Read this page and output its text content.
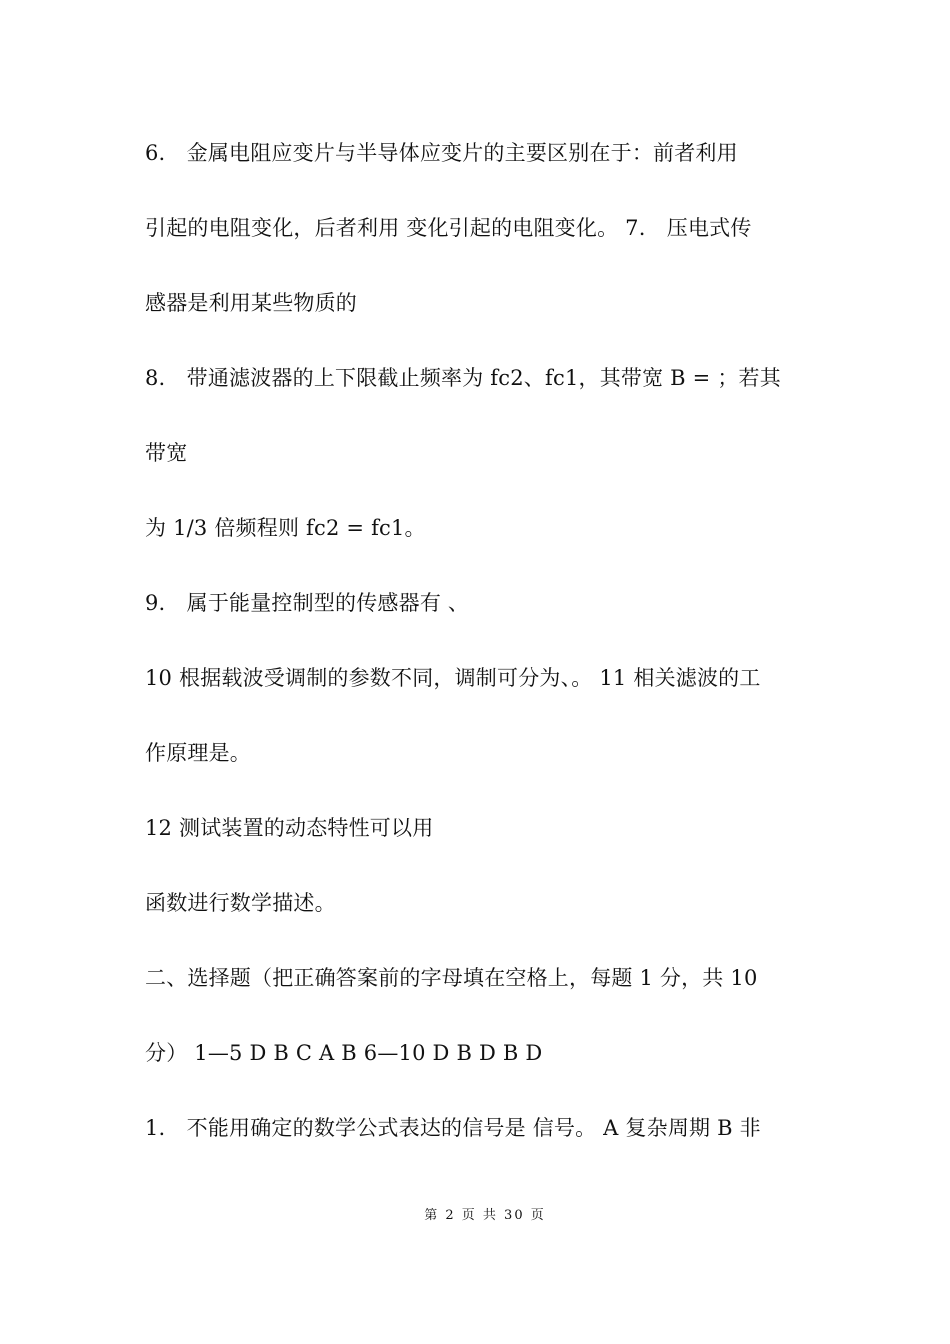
6.　金属电阻应变片与半导体应变片的主要区别在于：前者利用
引起的电阻变化，后者利用 变化引起的电阻变化。 7.　压电式传
感器是利用某些物质的
8.　带通滤波器的上下限截止频率为 fc2、fc1，其带宽 B = ；若其
带宽
为 1/3 倍频程则 fc2 = fc1。
9.　属于能量控制型的传感器有 、
10 根据载波受调制的参数不同，调制可分为、。 11 相关滤波的工
作原理是。
12 测试装置的动态特性可以用
函数进行数学描述。
二、选择题（把正确答案前的字母填在空格上，每题 1 分，共 10
分） 1—5 D B C A B 6—10 D B D B D
1.　不能用确定的数学公式表达的信号是 信号。 A 复杂周期 B 非
第 2 页 共 30 页
